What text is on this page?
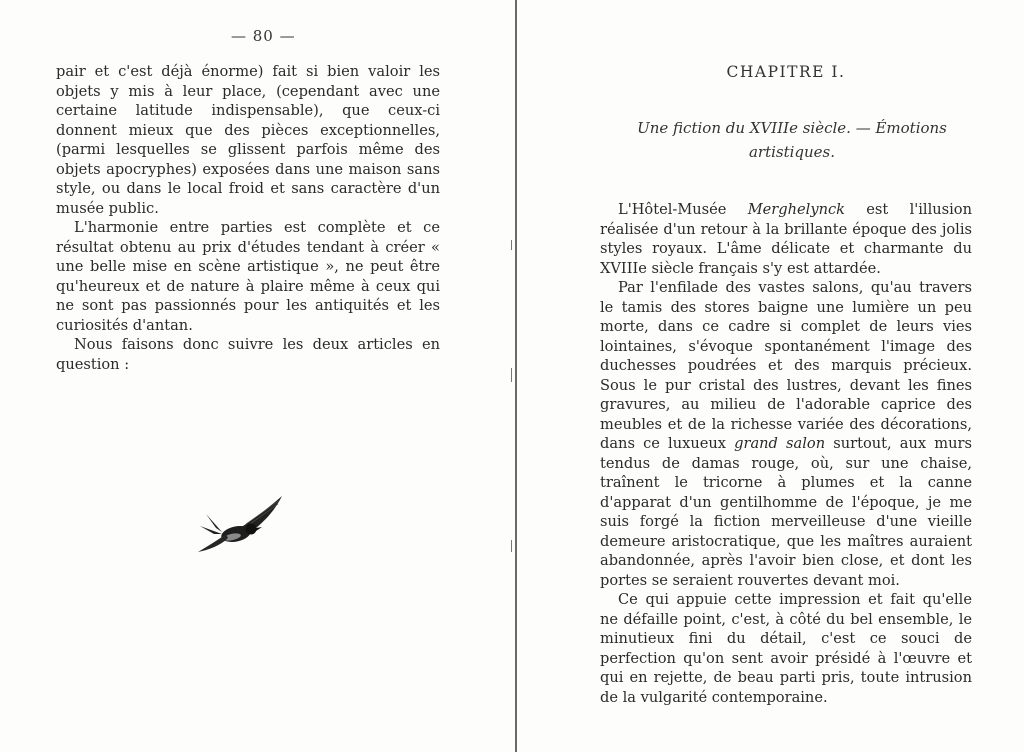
— 80 —

pair et c'est déjà énorme) fait si bien valoir les objets y mis à leur place, (cependant avec une certaine latitude indispensable), que ceux-ci donnent mieux que des pièces exceptionnelles, (parmi lesquelles se glissent parfois même des objets apocryphes) exposées dans une maison sans style, ou dans le local froid et sans caractère d'un musée public.

L'harmonie entre parties est complète et ce résultat obtenu au prix d'études tendant à créer « une belle mise en scène artistique », ne peut être qu'heureux et de nature à plaire même à ceux qui ne sont pas passionnés pour les antiquités et les curiosités d'antan.

Nous faisons donc suivre les deux articles en question :

CHAPITRE I.
Une fiction du XVIIIe siècle. — Émotions artistiques.

L'Hôtel-Musée Merghelynck est l'illusion réalisée d'un retour à la brillante époque des jolis styles royaux. L'âme délicate et charmante du XVIIIe siècle français s'y est attardée.

Par l'enfilade des vastes salons, qu'au travers le tamis des stores baigne une lumière un peu morte, dans ce cadre si complet de leurs vies lointaines, s'évoque spontanément l'image des duchesses poudrées et des marquis précieux. Sous le pur cristal des lustres, devant les fines gravures, au milieu de l'adorable caprice des meubles et de la richesse variée des décorations, dans ce luxueux grand salon surtout, aux murs tendus de damas rouge, où, sur une chaise, traînent le tricorne à plumes et la canne d'apparat d'un gentilhomme de l'époque, je me suis forgé la fiction merveilleuse d'une vieille demeure aristocratique, que les maîtres auraient abandonnée, après l'avoir bien close, et dont les portes se seraient rouvertes devant moi.

Ce qui appuie cette impression et fait qu'elle ne défaille point, c'est, à côté du bel ensemble, le minutieux fini du détail, c'est ce souci de perfection qu'on sent avoir présidé à l'œuvre et qui en rejette, de beau parti pris, toute intrusion de la vulgarité contemporaine.
